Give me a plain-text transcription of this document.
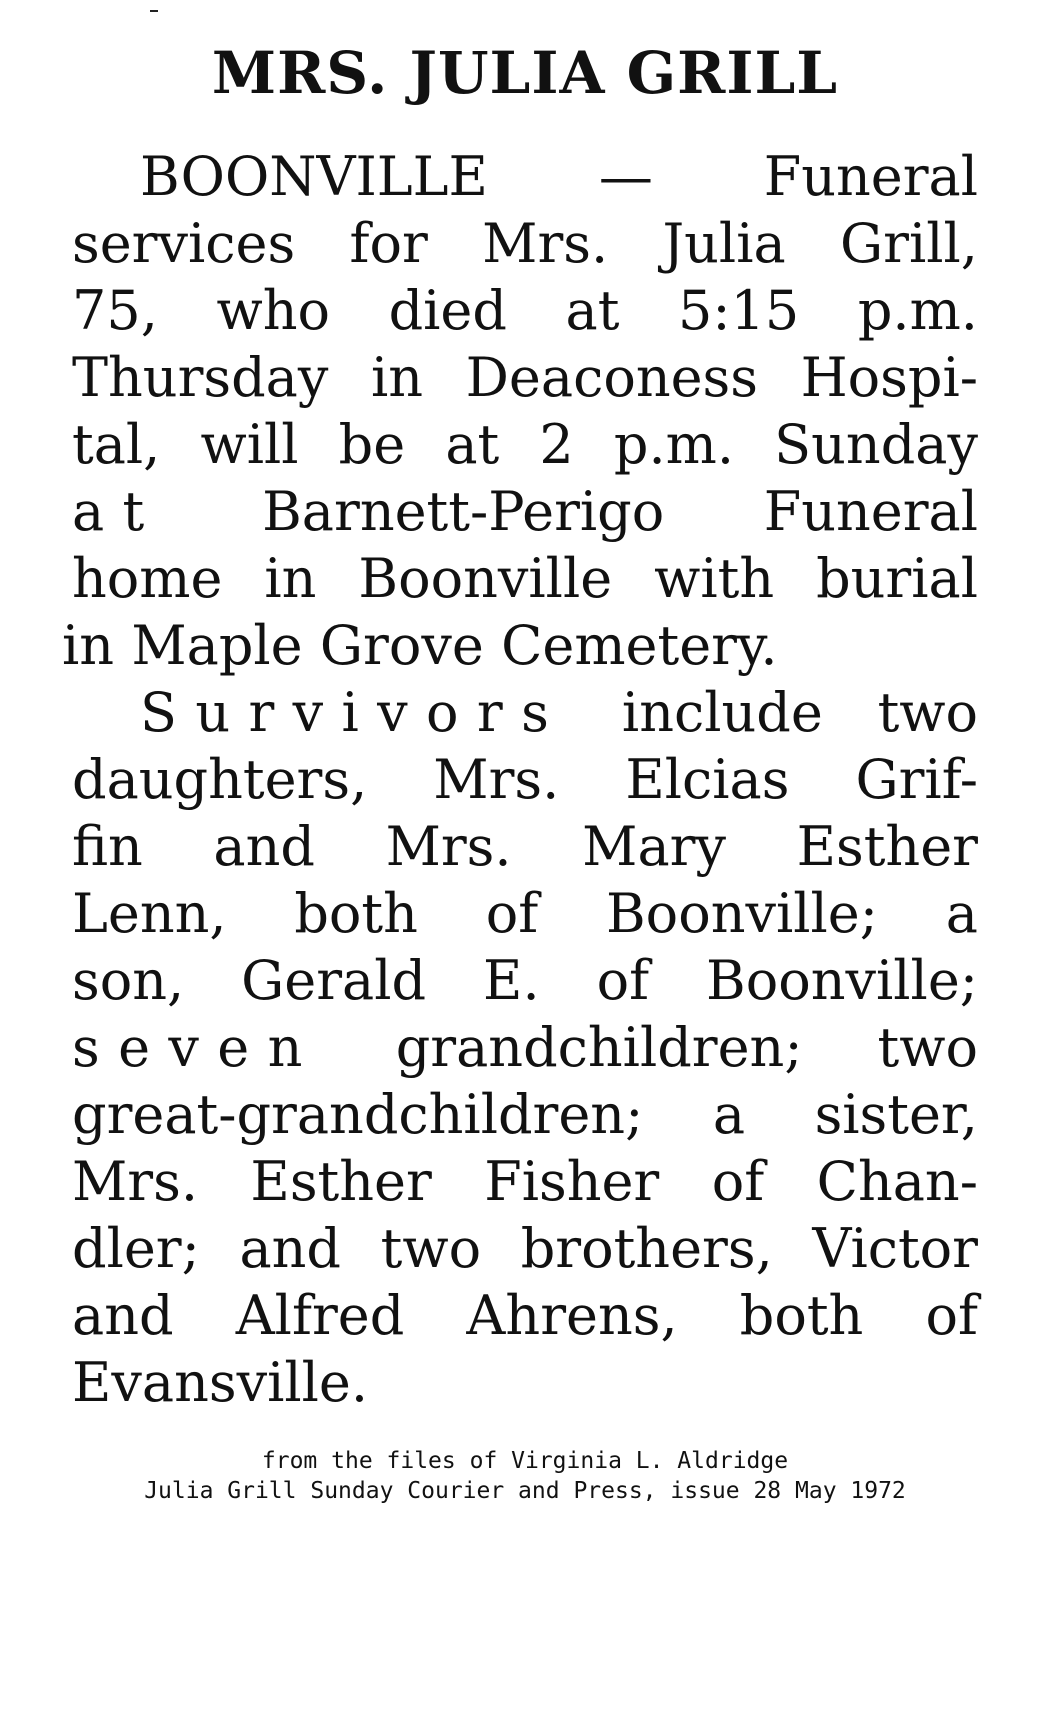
MRS. JULIA GRILL
BOONVILLE — Funeral
services for Mrs. Julia Grill,
75, who died at 5:15 p.m.
Thursday in Deaconess Hospi-
tal, will be at 2 p.m. Sunday
at Barnett-Perigo Funeral
home in Boonville with burial
in Maple Grove Cemetery.
Survivors include two
daughters, Mrs. Elcias Grif-
fin and Mrs. Mary Esther
Lenn, both of Boonville; a
son, Gerald E. of Boonville;
seven grandchildren; two
great-grandchildren; a sister,
Mrs. Esther Fisher of Chan-
dler; and two brothers, Victor
and Alfred Ahrens, both of
Evansville.

from the files of Virginia L. Aldridge

Julia Grill Sunday Courier and Press, issue 28 May 1972
